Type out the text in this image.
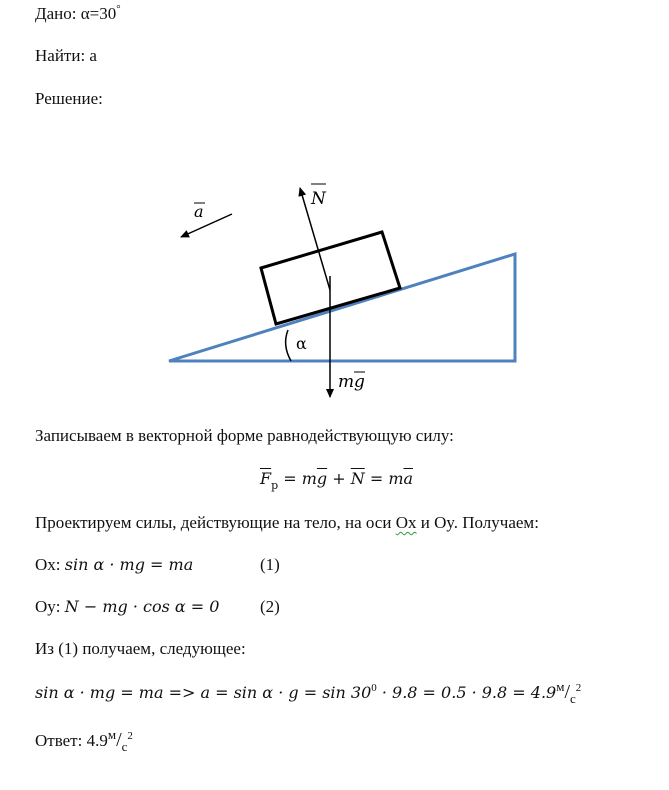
Дано: α=30°
Найти: a
Решение:
a
N
α
m g
Записываем в векторной форме равнодействующую силу:
$\overline{F}_р = m\overline{g} + \overline{N} = m\overline{a}$
Проектируем силы, действующие на тело, на оси Ox и Oy. Получаем:
Ox: sin α · mg = ma	(1)
Oy: N − mg · cos α = 0 (2)
Из (1) получаем, следующее:
sin α · mg = ma => $a = \sin \alpha \cdot g = \sin 30^0 \cdot 9.8 = 0.5 \cdot 9.8 = 4.9^м/_с^2$
Ответ: $4.9^м/_с^2$
